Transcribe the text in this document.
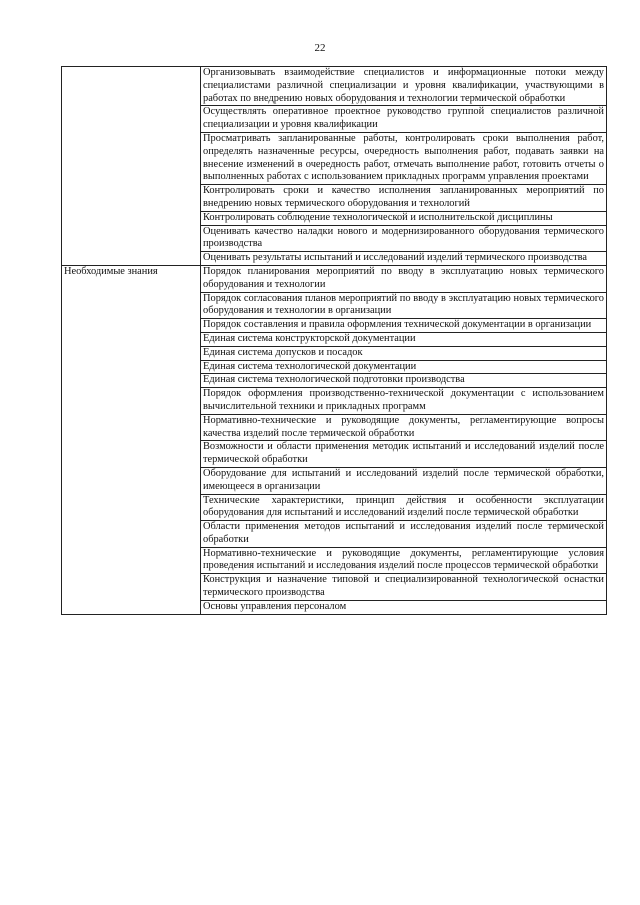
22
	Организовывать взаимодействие специалистов и информационные потоки между специалистами различной специализации и уровня квалификации, участвующими в работах по внедрению новых оборудования и технологии термической обработки
	Осуществлять оперативное проектное руководство группой специалистов различной специализации и уровня квалификации
	Просматривать запланированные работы, контролировать сроки выполнения работ, определять назначенные ресурсы, очередность выполнения работ, подавать заявки на внесение изменений в очередность работ, отмечать выполнение работ, готовить отчеты о выполненных работах с использованием прикладных программ управления проектами
	Контролировать сроки и качество исполнения запланированных мероприятий по внедрению новых термического оборудования и технологий
	Контролировать соблюдение технологической и исполнительской дисциплины
	Оценивать качество наладки нового и модернизированного оборудования термического производства
	Оценивать результаты испытаний и исследований изделий термического производства
Необходимые знания	Порядок планирования мероприятий по вводу в эксплуатацию новых термического оборудования и технологии
	Порядок согласования планов мероприятий по вводу в эксплуатацию новых термического оборудования и технологии в организации
	Порядок составления и правила оформления технической документации в организации
	Единая система конструкторской документации
	Единая система допусков и посадок
	Единая система технологической документации
	Единая система технологической подготовки производства
	Порядок оформления производственно-технической документации с использованием вычислительной техники и прикладных программ
	Нормативно-технические и руководящие документы, регламентирующие вопросы качества изделий после термической обработки
	Возможности и области применения методик испытаний и исследований изделий после термической обработки
	Оборудование для испытаний и исследований изделий после термической обработки, имеющееся в организации
	Технические характеристики, принцип действия и особенности эксплуатации оборудования для испытаний и исследований изделий после термической обработки
	Области применения методов испытаний и исследования изделий после термической обработки
	Нормативно-технические и руководящие документы, регламентирующие условия проведения испытаний и исследования изделий после процессов термической обработки
	Конструкция и назначение типовой и специализированной технологической оснастки термического производства
	Основы управления персоналом
